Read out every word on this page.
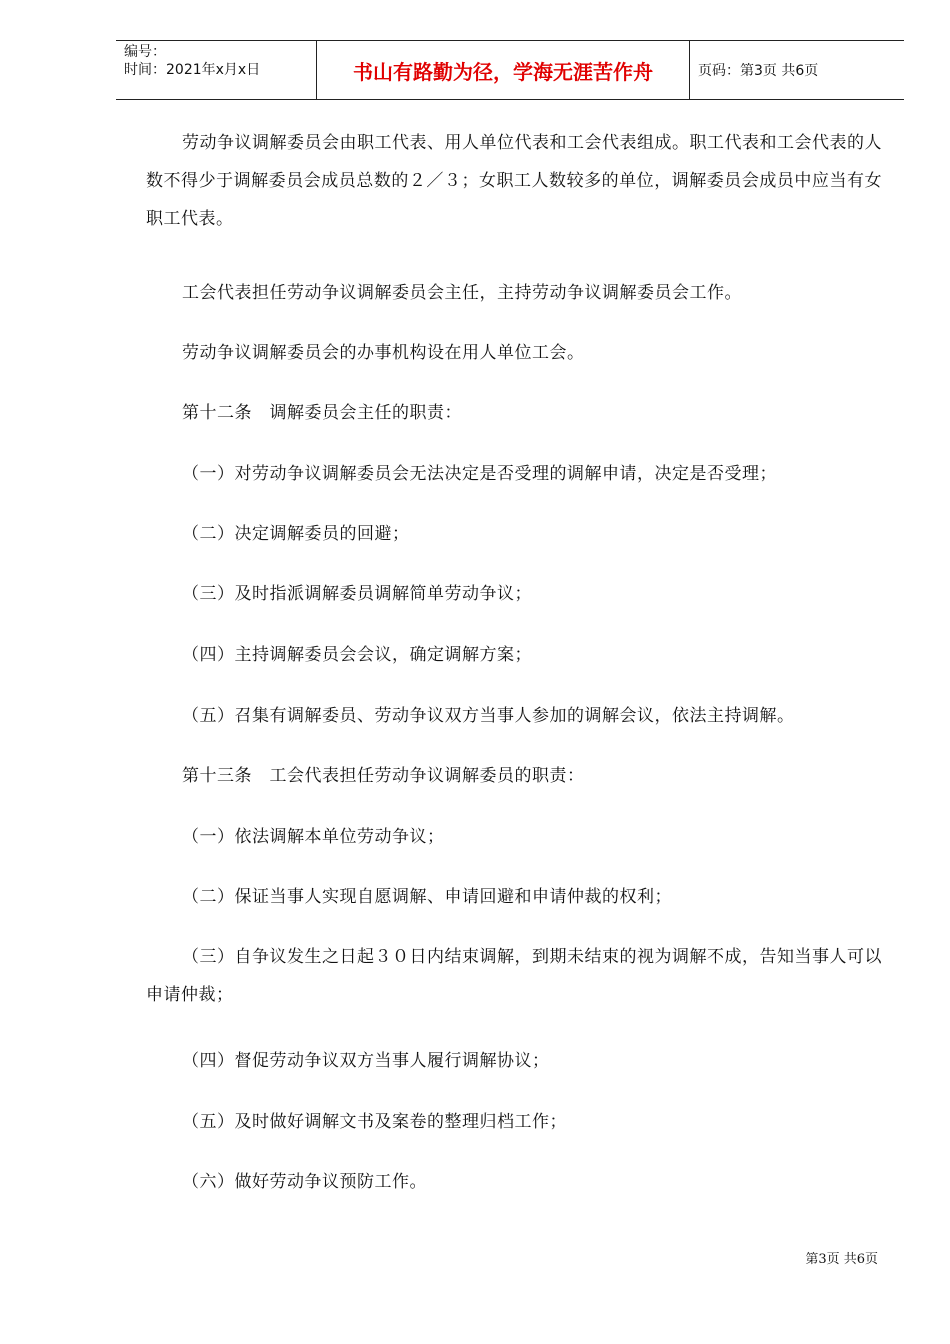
编号：
时间：2021年x月x日	书山有路勤为径，学海无涯苦作舟	页码：第3页 共6页

劳动争议调解委员会由职工代表、用人单位代表和工会代表组成。职工代表和工会代表的人数不得少于调解委员会成员总数的２／３；女职工人数较多的单位，调解委员会成员中应当有女职工代表。

工会代表担任劳动争议调解委员会主任，主持劳动争议调解委员会工作。

劳动争议调解委员会的办事机构设在用人单位工会。

第十二条　调解委员会主任的职责：

（一）对劳动争议调解委员会无法决定是否受理的调解申请，决定是否受理；

（二）决定调解委员的回避；

（三）及时指派调解委员调解简单劳动争议；

（四）主持调解委员会会议，确定调解方案；

（五）召集有调解委员、劳动争议双方当事人参加的调解会议，依法主持调解。

第十三条　工会代表担任劳动争议调解委员的职责：

（一）依法调解本单位劳动争议；

（二）保证当事人实现自愿调解、申请回避和申请仲裁的权利；

（三）自争议发生之日起３０日内结束调解，到期未结束的视为调解不成，告知当事人可以申请仲裁；

（四）督促劳动争议双方当事人履行调解协议；

（五）及时做好调解文书及案卷的整理归档工作；

（六）做好劳动争议预防工作。

第3页 共6页
